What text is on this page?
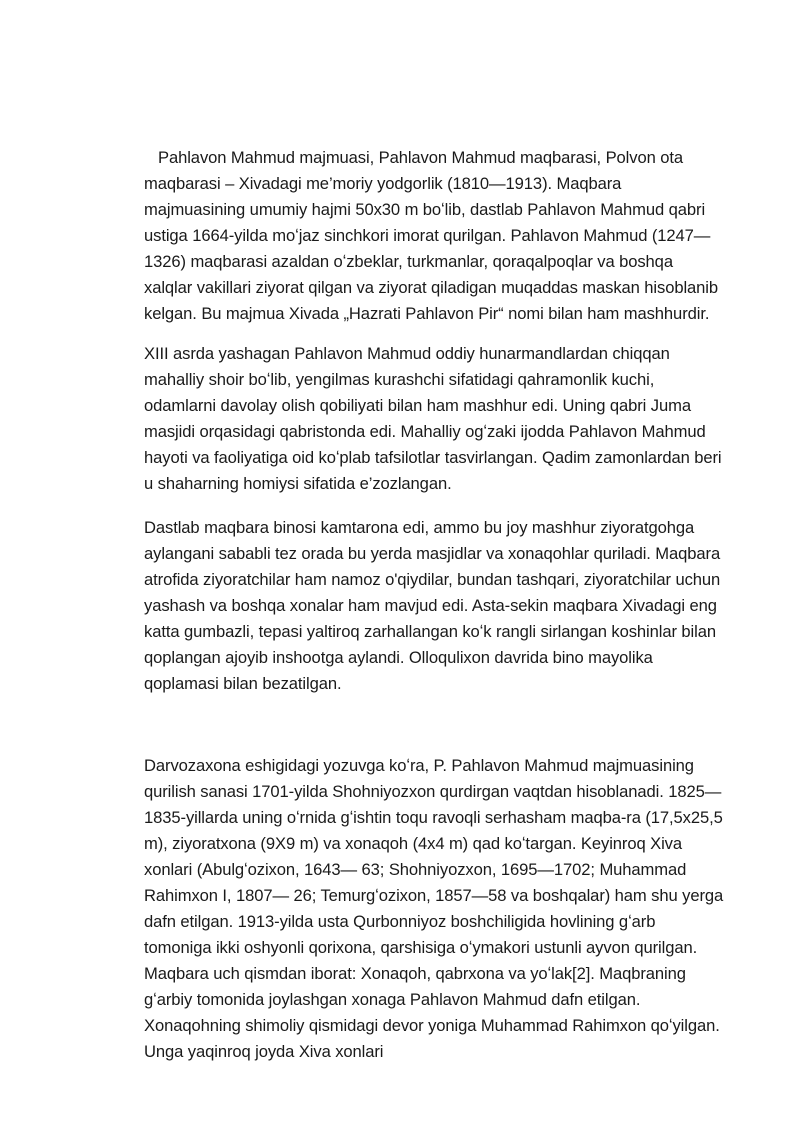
Pahlavon Mahmud majmuasi, Pahlavon Mahmud maqbarasi, Polvon ota maqbarasi – Xivadagi me’moriy yodgorlik (1810—1913). Maqbara majmuasining umumiy hajmi 50x30 m boʻlib, dastlab Pahlavon Mahmud qabri ustiga 1664-yilda moʻjaz sinchkori imorat qurilgan. Pahlavon Mahmud (1247—1326) maqbarasi azaldan oʻzbeklar, turkmanlar, qoraqalpoqlar va boshqa xalqlar vakillari ziyorat qilgan va ziyorat qiladigan muqaddas maskan hisoblanib kelgan. Bu majmua Xivada „Hazrati Pahlavon Pir“ nomi bilan ham mashhurdir.

XIII asrda yashagan Pahlavon Mahmud oddiy hunarmandlardan chiqqan mahalliy shoir boʻlib, yengilmas kurashchi sifatidagi qahramonlik kuchi, odamlarni davolay olish qobiliyati bilan ham mashhur edi. Uning qabri Juma masjidi orqasidagi qabristonda edi. Mahalliy ogʻzaki ijodda Pahlavon Mahmud hayoti va faoliyatiga oid koʻplab tafsilotlar tasvirlangan. Qadim zamonlardan beri u shaharning homiysi sifatida e’zozlangan.

Dastlab maqbara binosi kamtarona edi, ammo bu joy mashhur ziyoratgohga aylangani sababli tez orada bu yerda masjidlar va xonaqohlar quriladi. Maqbara atrofida ziyoratchilar ham namoz o'qiydilar, bundan tashqari, ziyoratchilar uchun yashash va boshqa xonalar ham mavjud edi. Asta-sekin maqbara Xivadagi eng katta gumbazli, tepasi yaltiroq zarhallangan koʻk rangli sirlangan koshinlar bilan qoplangan ajoyib inshootga aylandi. Olloqulixon davrida bino mayolika qoplamasi bilan bezatilgan.

Darvozaxona eshigidagi yozuvga koʻra, P. Pahlavon Mahmud majmuasining qurilish sanasi 1701-yilda Shohniyozxon qurdirgan vaqtdan hisoblanadi. 1825—1835-yillarda uning oʻrnida gʻishtin toqu ravoqli serhasham maqba-ra (17,5x25,5 m), ziyoratxona (9X9 m) va xonaqoh (4x4 m) qad koʻtargan. Keyinroq Xiva xonlari (Abulgʻozixon, 1643— 63; Shohniyozxon, 1695—1702; Muhammad Rahimxon I, 1807— 26; Temurgʻozixon, 1857—58 va boshqalar) ham shu yerga dafn etilgan. 1913-yilda usta Qurbonniyoz boshchiligida hovlining gʻarb tomoniga ikki oshyonli qorixona, qarshisiga oʻymakori ustunli ayvon qurilgan. Maqbara uch qismdan iborat: Xonaqoh, qabrxona va yoʻlak[2]. Maqbraning gʻarbiy tomonida joylashgan xonaga Pahlavon Mahmud dafn etilgan. Xonaqohning shimoliy qismidagi devor yoniga Muhammad Rahimxon qoʻyilgan. Unga yaqinroq joyda Xiva xonlari
